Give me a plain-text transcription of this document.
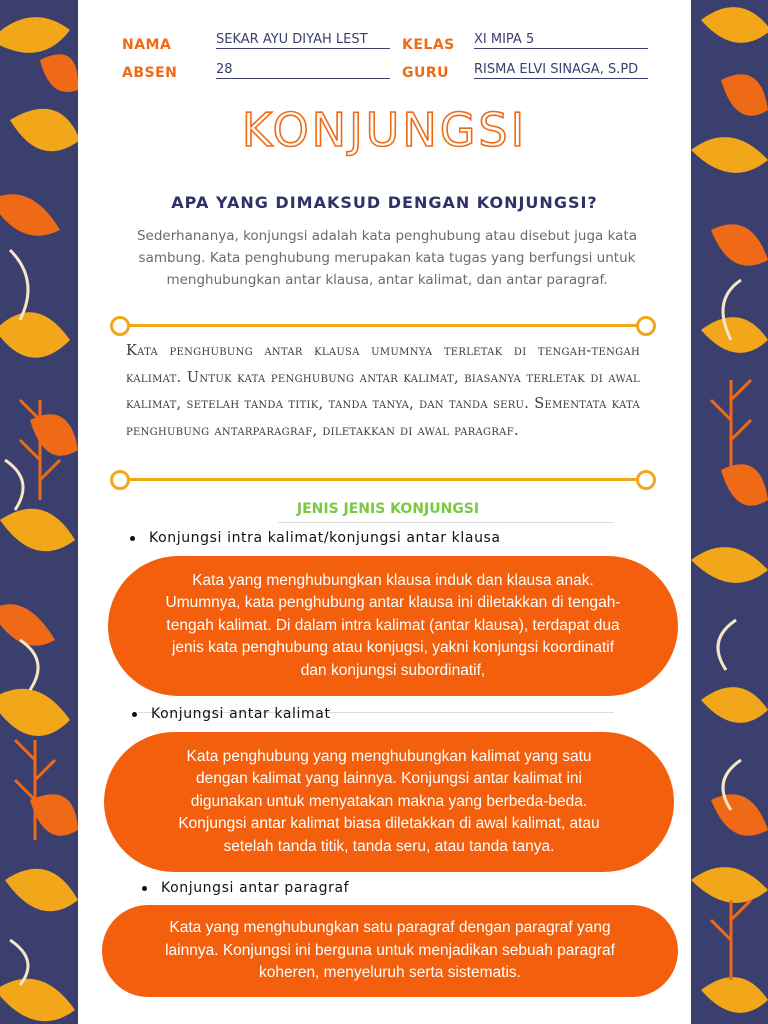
NAMA	SEKAR AYU DIYAH LEST
ABSEN	28
KELAS XI MIPA 5
GURU RISMA ELVI SINAGA, S.PD
KONJUNGSI
APA YANG DIMAKSUD DENGAN KONJUNGSI?
Sederhananya, konjungsi adalah kata penghubung atau disebut juga kata sambung. Kata penghubung merupakan kata tugas yang berfungsi untuk menghubungkan antar klausa, antar kalimat, dan antar paragraf.
Kata penghubung antar klausa umumnya terletak di tengah-tengah kalimat. Untuk kata penghubung antar kalimat, biasanya terletak di awal kalimat, setelah tanda titik, tanda tanya, dan tanda seru. Sementata kata penghubung antarparagraf, diletakkan di awal paragraf.
JENIS JENIS KONJUNGSI
Konjungsi intra kalimat/konjungsi antar klausa
Kata yang menghubungkan klausa induk dan klausa anak. Umumnya, kata penghubung antar klausa ini diletakkan di tengah-tengah kalimat. Di dalam intra kalimat (antar klausa), terdapat dua jenis kata penghubung atau konjugsi, yakni konjungsi koordinatif dan konjungsi subordinatif,
Konjungsi antar kalimat
Kata penghubung yang menghubungkan kalimat yang satu dengan kalimat yang lainnya. Konjungsi antar kalimat ini digunakan untuk menyatakan makna yang berbeda-beda. Konjungsi antar kalimat biasa diletakkan di awal kalimat, atau setelah tanda titik, tanda seru, atau tanda tanya.
Konjungsi antar paragraf
Kata yang menghubungkan satu paragraf dengan paragraf yang lainnya. Konjungsi ini berguna untuk menjadikan sebuah paragraf koheren, menyeluruh serta sistematis.
